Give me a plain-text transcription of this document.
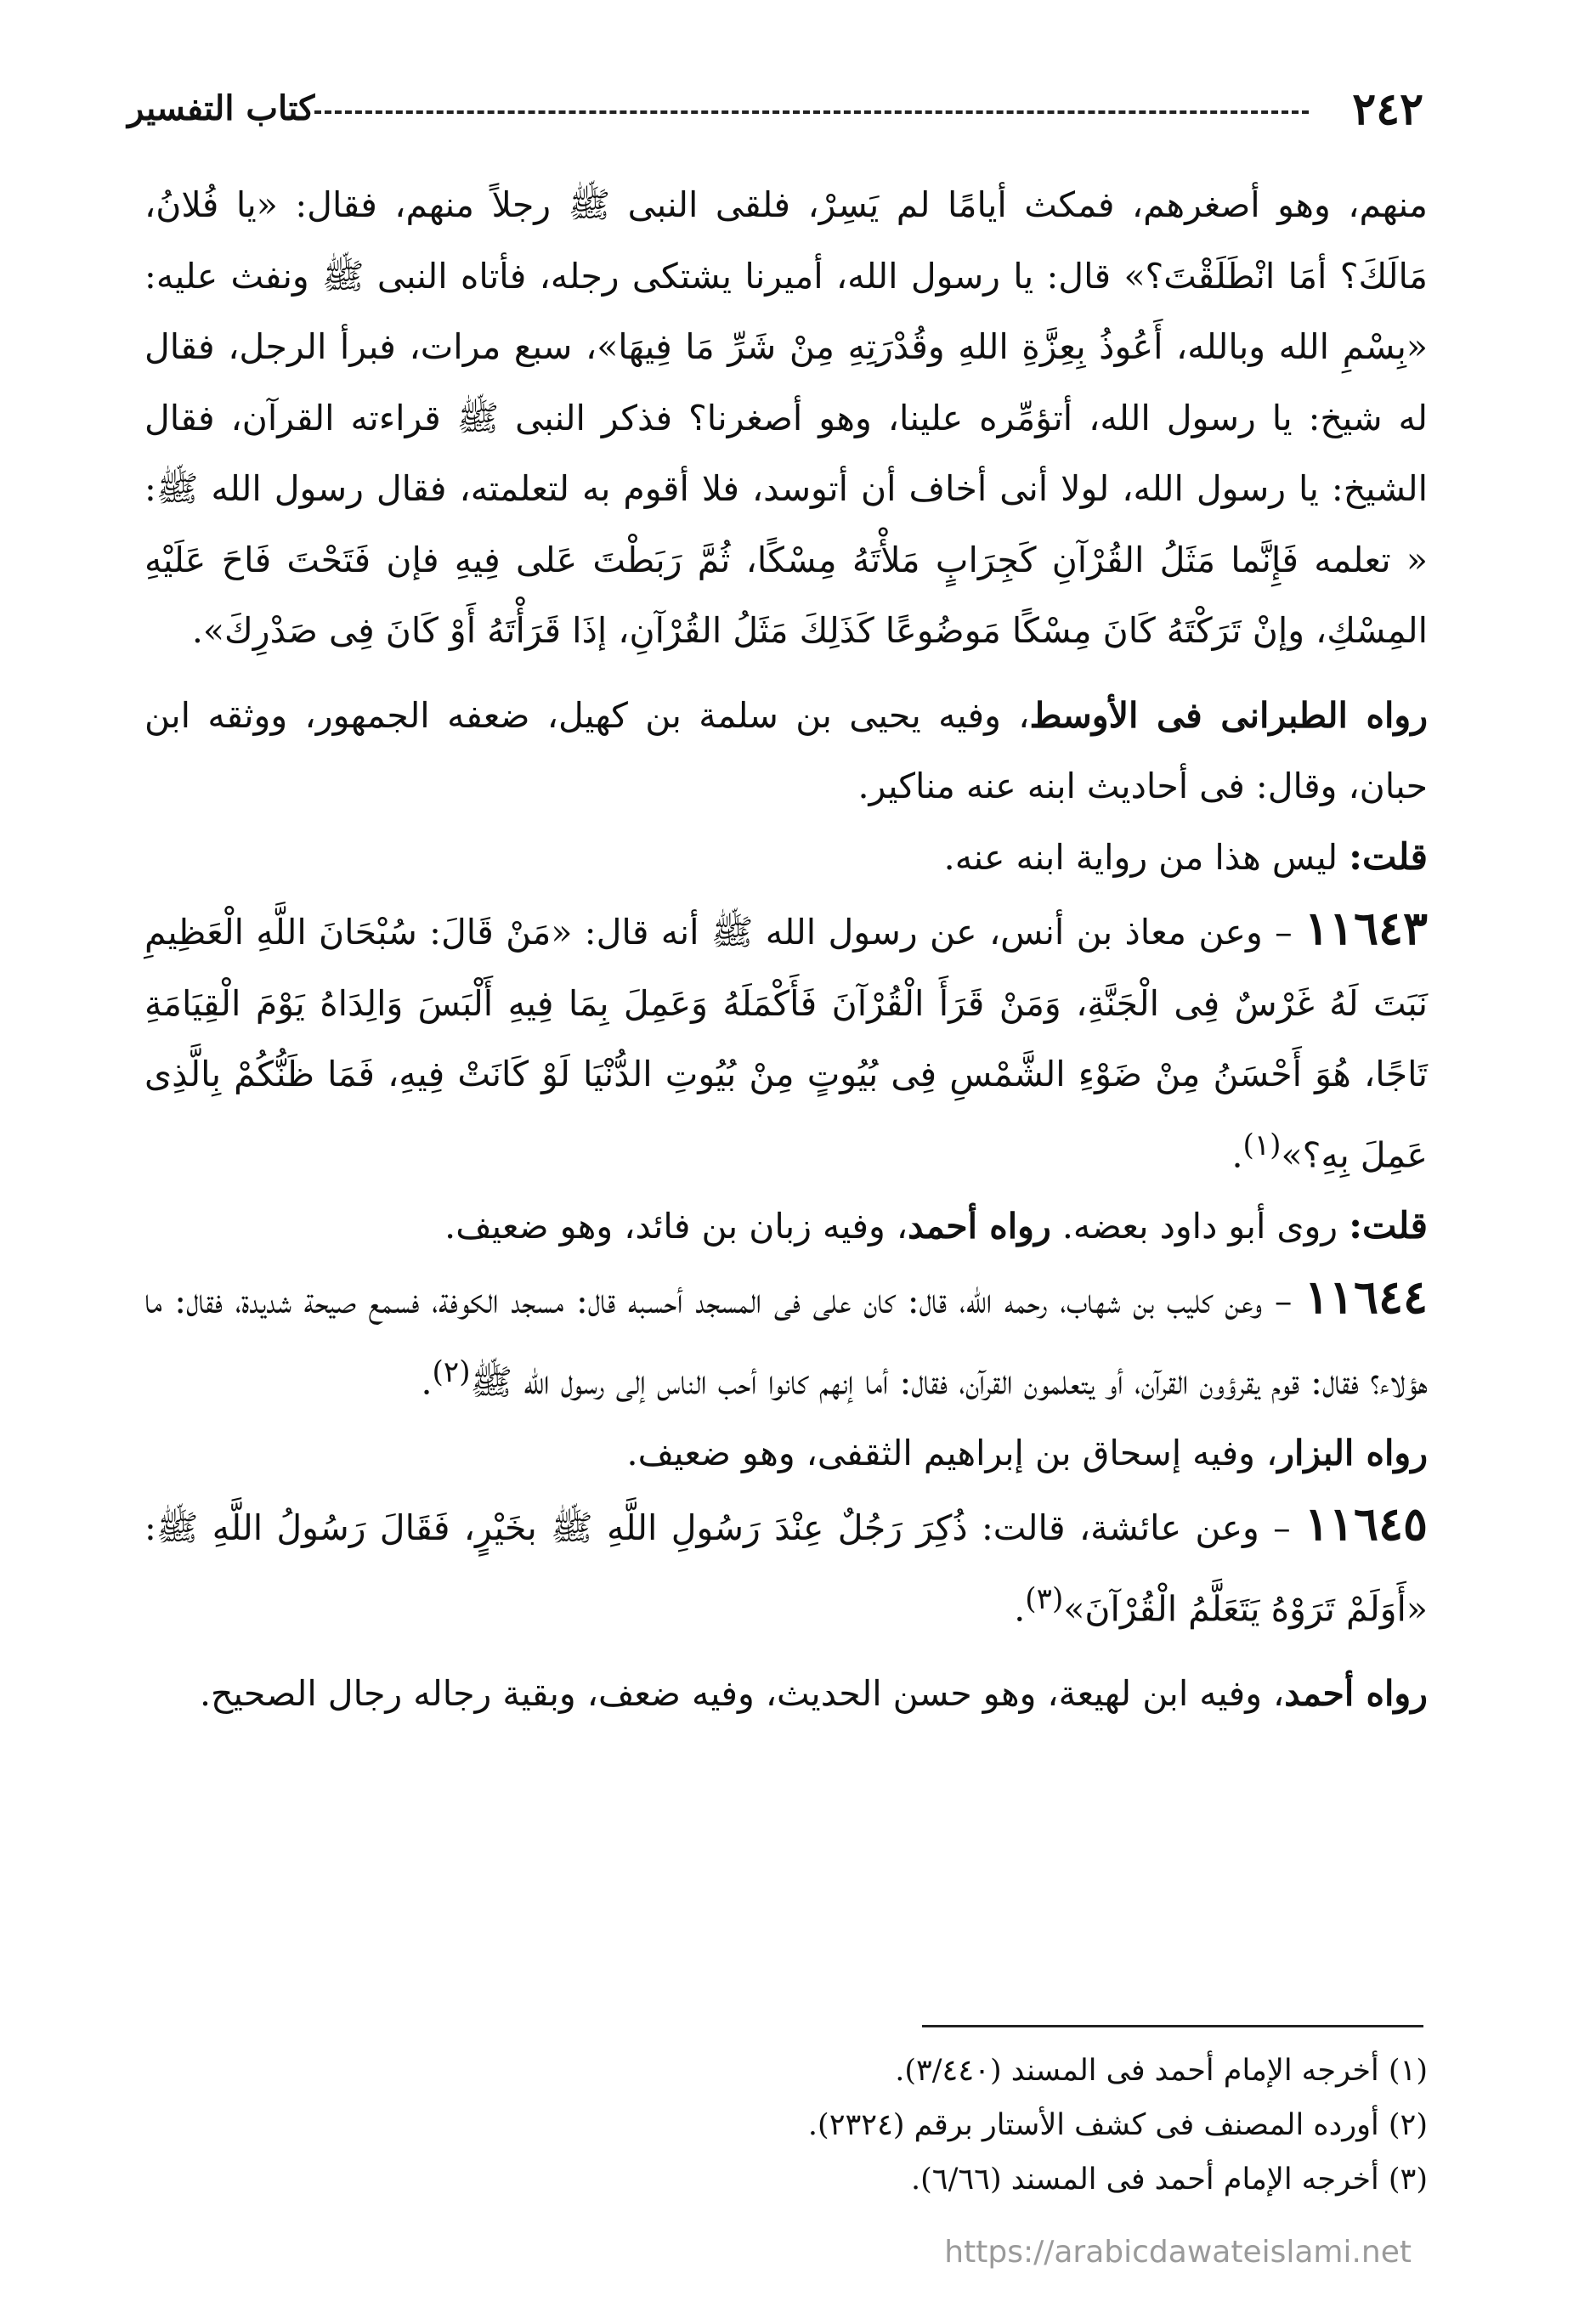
٢٤٢
كتاب التفسير

منهم، وهو أصغرهم، فمكث أيامًا لم يَسِرْ، فلقى النبى ﷺ رجلاً منهم، فقال: «يا فُلانُ، مَالَكَ؟ أمَا انْطَلَقْتَ؟» قال: يا رسول الله، أميرنا يشتكى رجله، فأتاه النبى ﷺ ونفث عليه: «بِسْمِ الله وبالله، أَعُوذُ بِعِزَّةِ اللهِ وقُدْرَتِهِ مِنْ شَرِّ مَا فِيهَا»، سبع مرات، فبرأ الرجل، فقال له شيخ: يا رسول الله، أتؤمِّره علينا، وهو أصغرنا؟ فذكر النبى ﷺ قراءته القرآن، فقال الشيخ: يا رسول الله، لولا أنى أخاف أن أتوسد، فلا أقوم به لتعلمته، فقال رسول الله ﷺ: « تعلمه فَإِنَّما مَثَلُ القُرْآنِ كَجِرَابٍ مَلأْتَهُ مِسْكًا، ثُمَّ رَبَطْتَ عَلى فِيهِ فإن فَتَحْتَ فَاحَ عَلَيْهِ المِسْكِ، وإنْ تَرَكْتَهُ كَانَ مِسْكًا مَوضُوعًا كَذَلِكَ مَثَلُ القُرْآنِ، إذَا قَرَأْتَهُ أَوْ كَانَ فِى صَدْرِكَ».

رواه الطبرانى فى الأوسط، وفيه يحيى بن سلمة بن كهيل، ضعفه الجمهور، ووثقه ابن حبان، وقال: فى أحاديث ابنه عنه مناكير.

قلت: ليس هذا من رواية ابنه عنه.

١١٦٤٣ – وعن معاذ بن أنس، عن رسول الله ﷺ أنه قال: «مَنْ قَالَ: سُبْحَانَ اللَّهِ الْعَظِيمِ نَبَتَ لَهُ غَرْسٌ فِى الْجَنَّةِ، وَمَنْ قَرَأَ الْقُرْآنَ فَأَكْمَلَهُ وَعَمِلَ بِمَا فِيهِ أَلْبَسَ وَالِدَاهُ يَوْمَ الْقِيَامَةِ تَاجًا، هُوَ أَحْسَنُ مِنْ ضَوْءِ الشَّمْسِ فِى بُيُوتٍ مِنْ بُيُوتِ الدُّنْيَا لَوْ كَانَتْ فِيهِ، فَمَا ظَنُّكُمْ بِالَّذِى عَمِلَ بِهِ؟»$^{(١)}$.

قلت: روى أبو داود بعضه. رواه أحمد، وفيه زبان بن فائد، وهو ضعيف.

١١٦٤٤ – وعن كليب بن شهاب، رحمه الله، قال: كان على فى المسجد أحسبه قال: مسجد الكوفة، فسمع صيحة شديدة، فقال: ما هؤلاء؟ فقال: قوم يقرؤون القرآن، أو يتعلمون القرآن، فقال: أما إنهم كانوا أحب الناس إلى رسول الله ﷺ$^{(٢)}$.

رواه البزار، وفيه إسحاق بن إبراهيم الثقفى، وهو ضعيف.

١١٦٤٥ – وعن عائشة، قالت: ذُكِرَ رَجُلٌ عِنْدَ رَسُولِ اللَّهِ ﷺ بخَيْرٍ، فَقَالَ رَسُولُ اللَّهِ ﷺ: «أَوَلَمْ تَرَوْهُ يَتَعَلَّمُ الْقُرْآنَ»$^{(٣)}$.

رواه أحمد، وفيه ابن لهيعة، وهو حسن الحديث، وفيه ضعف، وبقية رجاله رجال الصحيح.

(١) أخرجه الإمام أحمد فى المسند (٣/٤٤٠).

(٢) أورده المصنف فى كشف الأستار برقم (٢٣٢٤).

(٣) أخرجه الإمام أحمد فى المسند (٦/٦٦).

https://arabicdawateislami.net
